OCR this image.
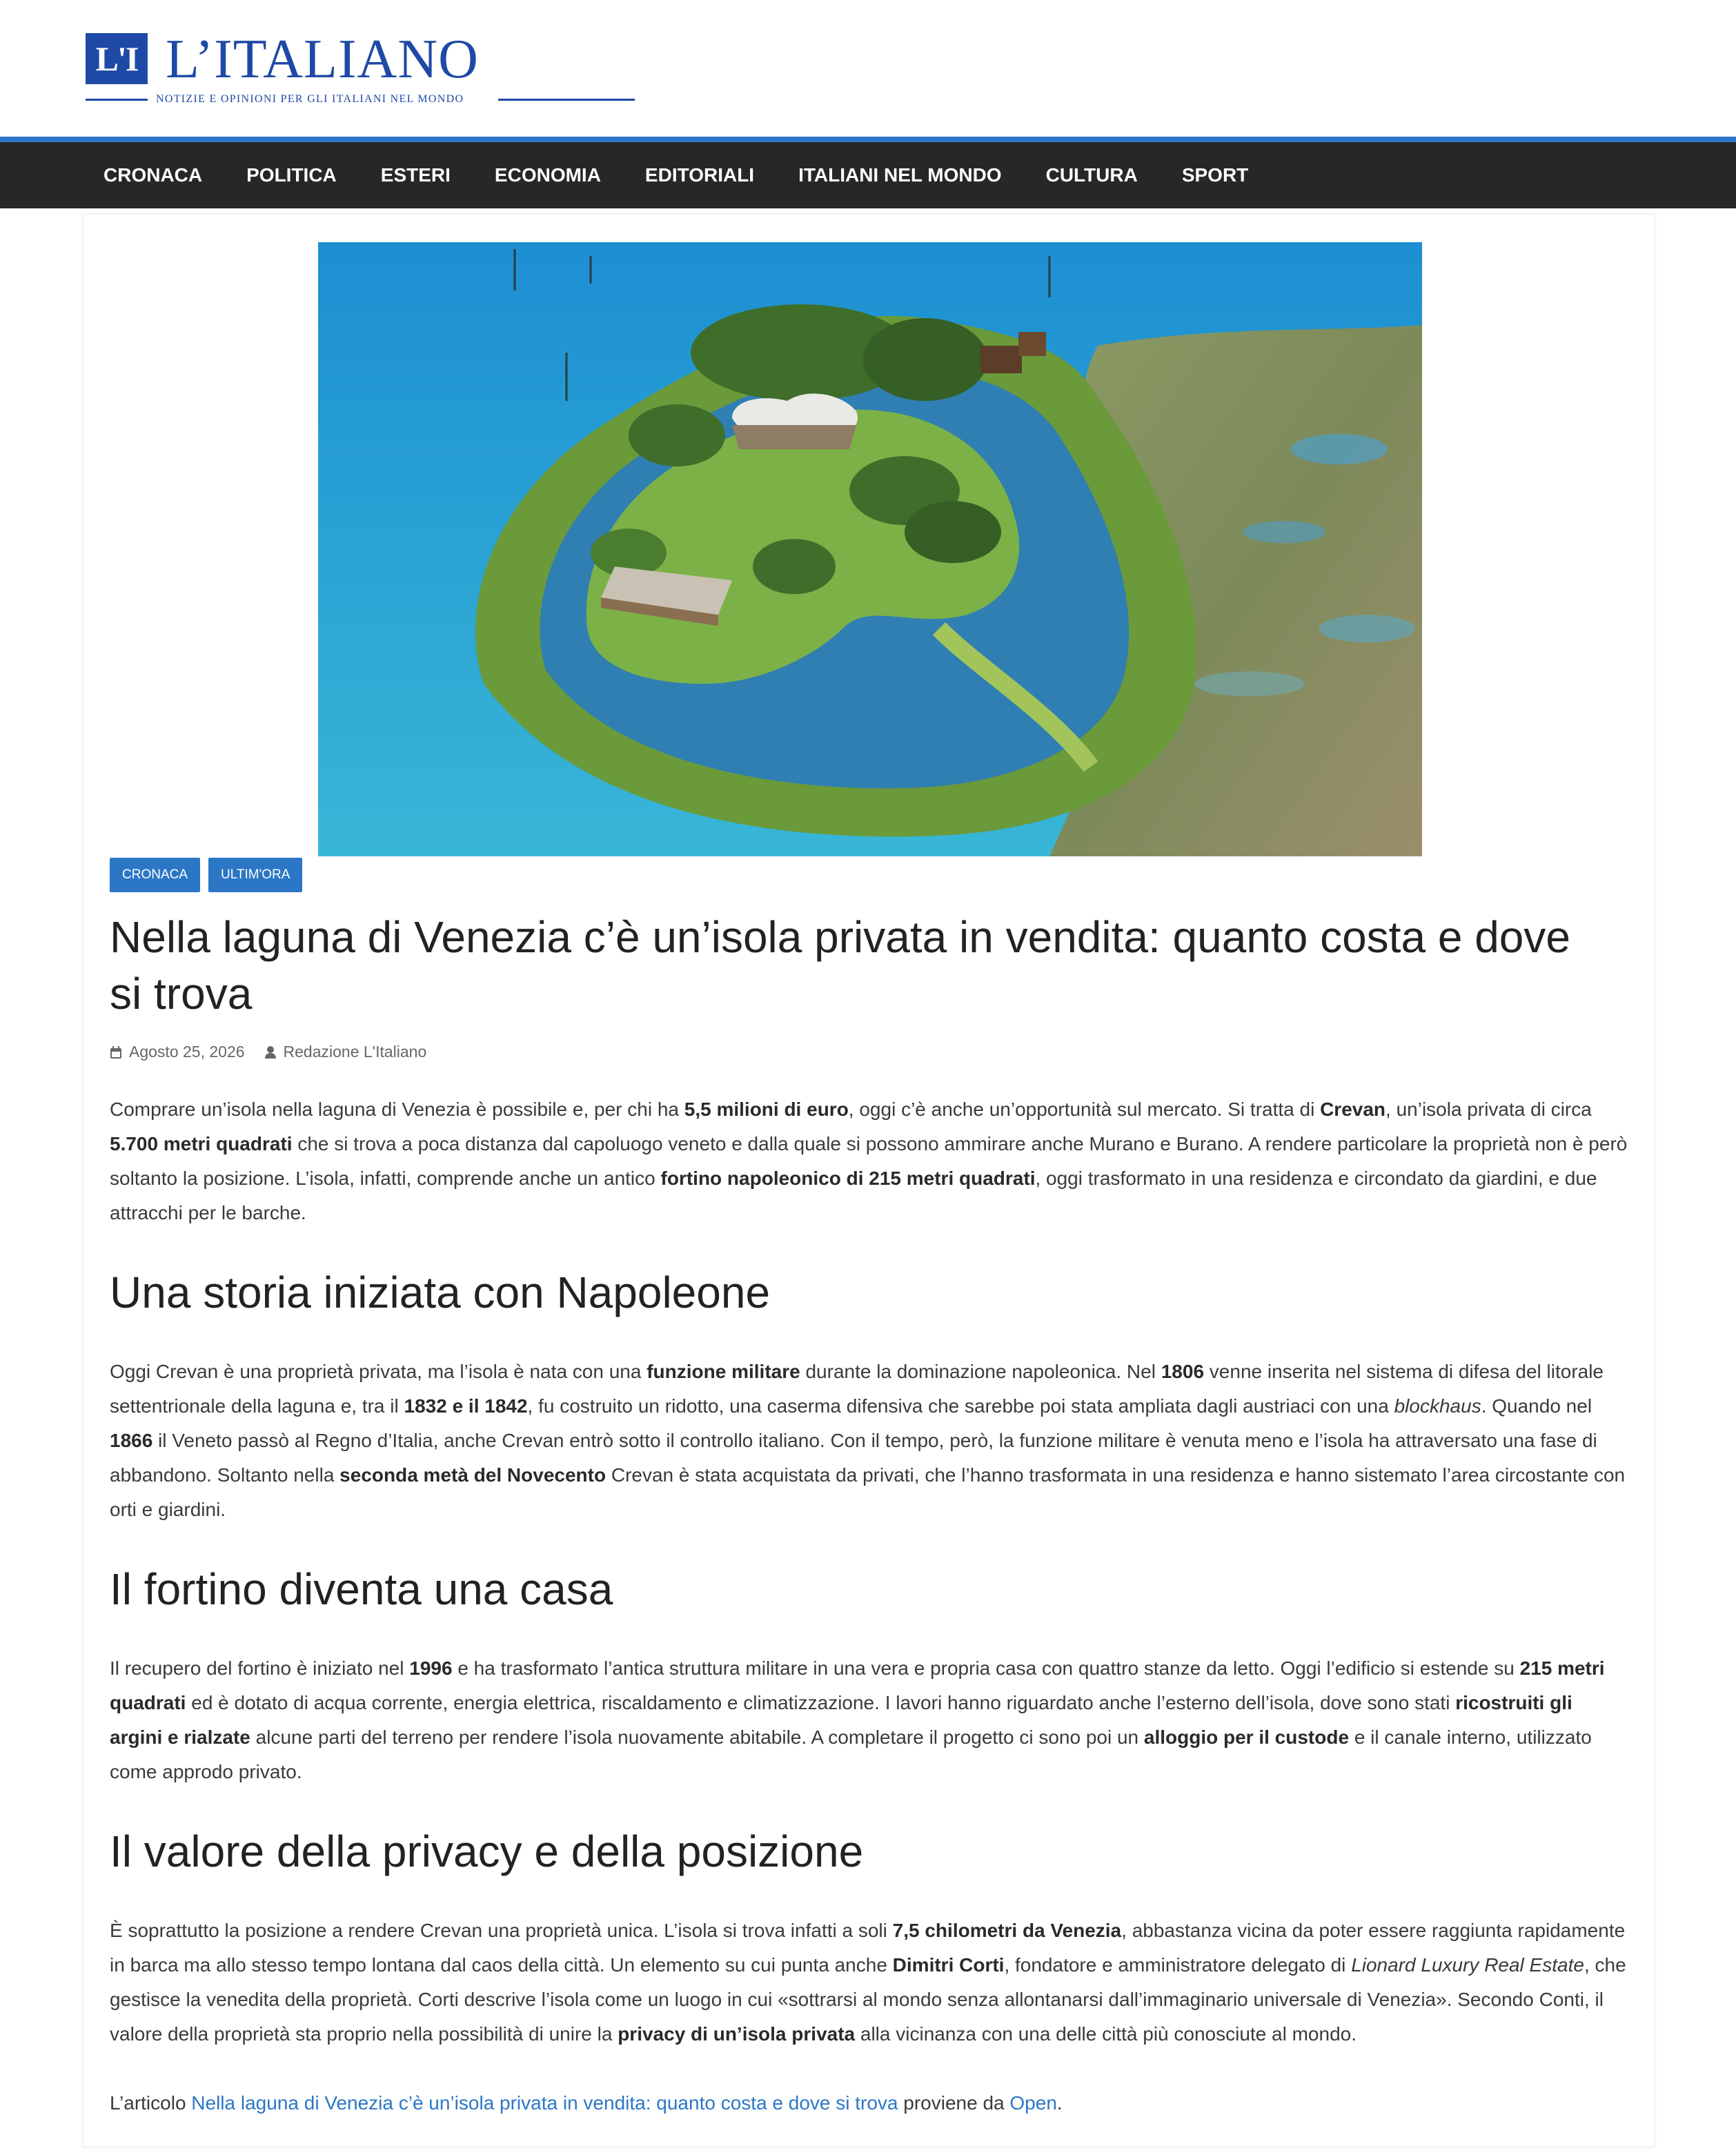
L'I L’ITALIANO
NOTIZIE E OPINIONI PER GLI ITALIANI NEL MONDO
CRONACA	POLITICA	ESTERI	ECONOMIA	EDITORIALI	ITALIANI NEL MONDO	CULTURA	SPORT
CRONACA	ULTIM'ORA
Nella laguna di Venezia c’è un’isola privata in vendita: quanto costa e dove si trova
Agosto 25, 2026 Redazione L'Italiano

Comprare un’isola nella laguna di Venezia è possibile e, per chi ha 5,5 milioni di euro, oggi c’è anche un’opportunità sul mercato. Si tratta di Crevan, un’isola privata di circa 5.700 metri quadrati che si trova a poca distanza dal capoluogo veneto e dalla quale si possono ammirare anche Murano e Burano. A rendere particolare la proprietà non è però soltanto la posizione. L’isola, infatti, comprende anche un antico fortino napoleonico di 215 metri quadrati, oggi trasformato in una residenza e circondato da giardini, e due attracchi per le barche.

Una storia iniziata con Napoleone

Oggi Crevan è una proprietà privata, ma l’isola è nata con una funzione militare durante la dominazione napoleonica. Nel 1806 venne inserita nel sistema di difesa del litorale settentrionale della laguna e, tra il 1832 e il 1842, fu costruito un ridotto, una caserma difensiva che sarebbe poi stata ampliata dagli austriaci con una blockhaus. Quando nel 1866 il Veneto passò al Regno d’Italia, anche Crevan entrò sotto il controllo italiano. Con il tempo, però, la funzione militare è venuta meno e l’isola ha attraversato una fase di abbandono. Soltanto nella seconda metà del Novecento Crevan è stata acquistata da privati, che l’hanno trasformata in una residenza e hanno sistemato l’area circostante con orti e giardini.

Il fortino diventa una casa

Il recupero del fortino è iniziato nel 1996 e ha trasformato l’antica struttura militare in una vera e propria casa con quattro stanze da letto. Oggi l’edificio si estende su 215 metri quadrati ed è dotato di acqua corrente, energia elettrica, riscaldamento e climatizzazione. I lavori hanno riguardato anche l’esterno dell’isola, dove sono stati ricostruiti gli argini e rialzate alcune parti del terreno per rendere l’isola nuovamente abitabile. A completare il progetto ci sono poi un alloggio per il custode e il canale interno, utilizzato come approdo privato.

Il valore della privacy e della posizione

È soprattutto la posizione a rendere Crevan una proprietà unica. L’isola si trova infatti a soli 7,5 chilometri da Venezia, abbastanza vicina da poter essere raggiunta rapidamente in barca ma allo stesso tempo lontana dal caos della città. Un elemento su cui punta anche Dimitri Corti, fondatore e amministratore delegato di Lionard Luxury Real Estate, che gestisce la venedita della proprietà. Corti descrive l’isola come un luogo in cui «sottrarsi al mondo senza allontanarsi dall’immaginario universale di Venezia». Secondo Conti, il valore della proprietà sta proprio nella possibilità di unire la privacy di un’isola privata alla vicinanza con una delle città più conosciute al mondo.

L’articolo Nella laguna di Venezia c’è un’isola privata in vendita: quanto costa e dove si trova proviene da Open.
